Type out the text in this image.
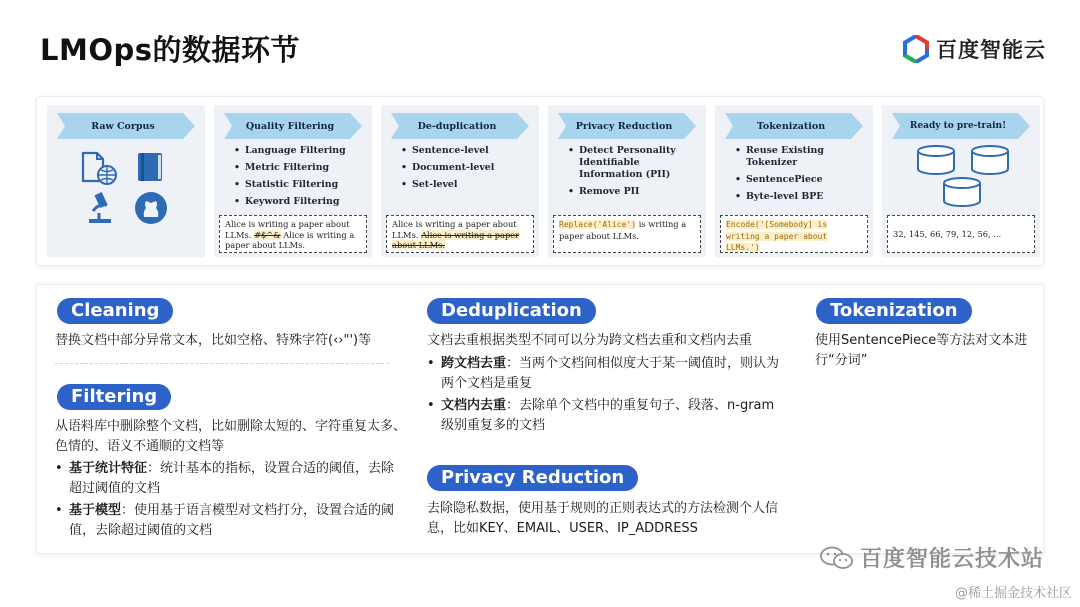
LMOps的数据环节	百度智能云
Raw Corpus	Quality Filtering
• Language Filtering
• Metric Filtering
• Statistic Filtering
• Keyword Filtering
Alice is writing a paper about LLMs. #$^& Alice is writing a paper about LLMs.
De-duplication
• Sentence-level
• Document-level
• Set-level
Alice is writing a paper about LLMs. Alice is writing a paper about LLMs.
Privacy Reduction
• Detect Personality Identifiable Information (PII)
• Remove PII
Replace('Alice') is writing a paper about LLMs.
Tokenization
• Reuse Existing Tokenizer
• SentencePiece
• Byte-level BPE
Encode('[Somebody] is writing a paper about LLMs.')
Ready to pre-train!
32, 145, 66, 79, 12, 56, ...
Cleaning
替换文档中部分异常文本，比如空格、特殊字符(‹›"')等
Filtering
从语料库中删除整个文档，比如删除太短的、字符重复太多、色情的、语义不通顺的文档等
• 基于统计特征：统计基本的指标，设置合适的阈值，去除超过阈值的文档
• 基于模型：使用基于语言模型对文档打分，设置合适的阈值，去除超过阈值的文档
Deduplication
文档去重根据类型不同可以分为跨文档去重和文档内去重
• 跨文档去重：当两个文档间相似度大于某一阈值时，则认为两个文档是重复
• 文档内去重：去除单个文档中的重复句子、段落、n-gram级别重复多的文档
Privacy Reduction
去除隐私数据，使用基于规则的正则表达式的方法检测个人信息，比如KEY、EMAIL、USER、IP_ADDRESS
Tokenization
使用SentencePiece等方法对文本进行“分词”
百度智能云技术站
@稀土掘金技术社区
